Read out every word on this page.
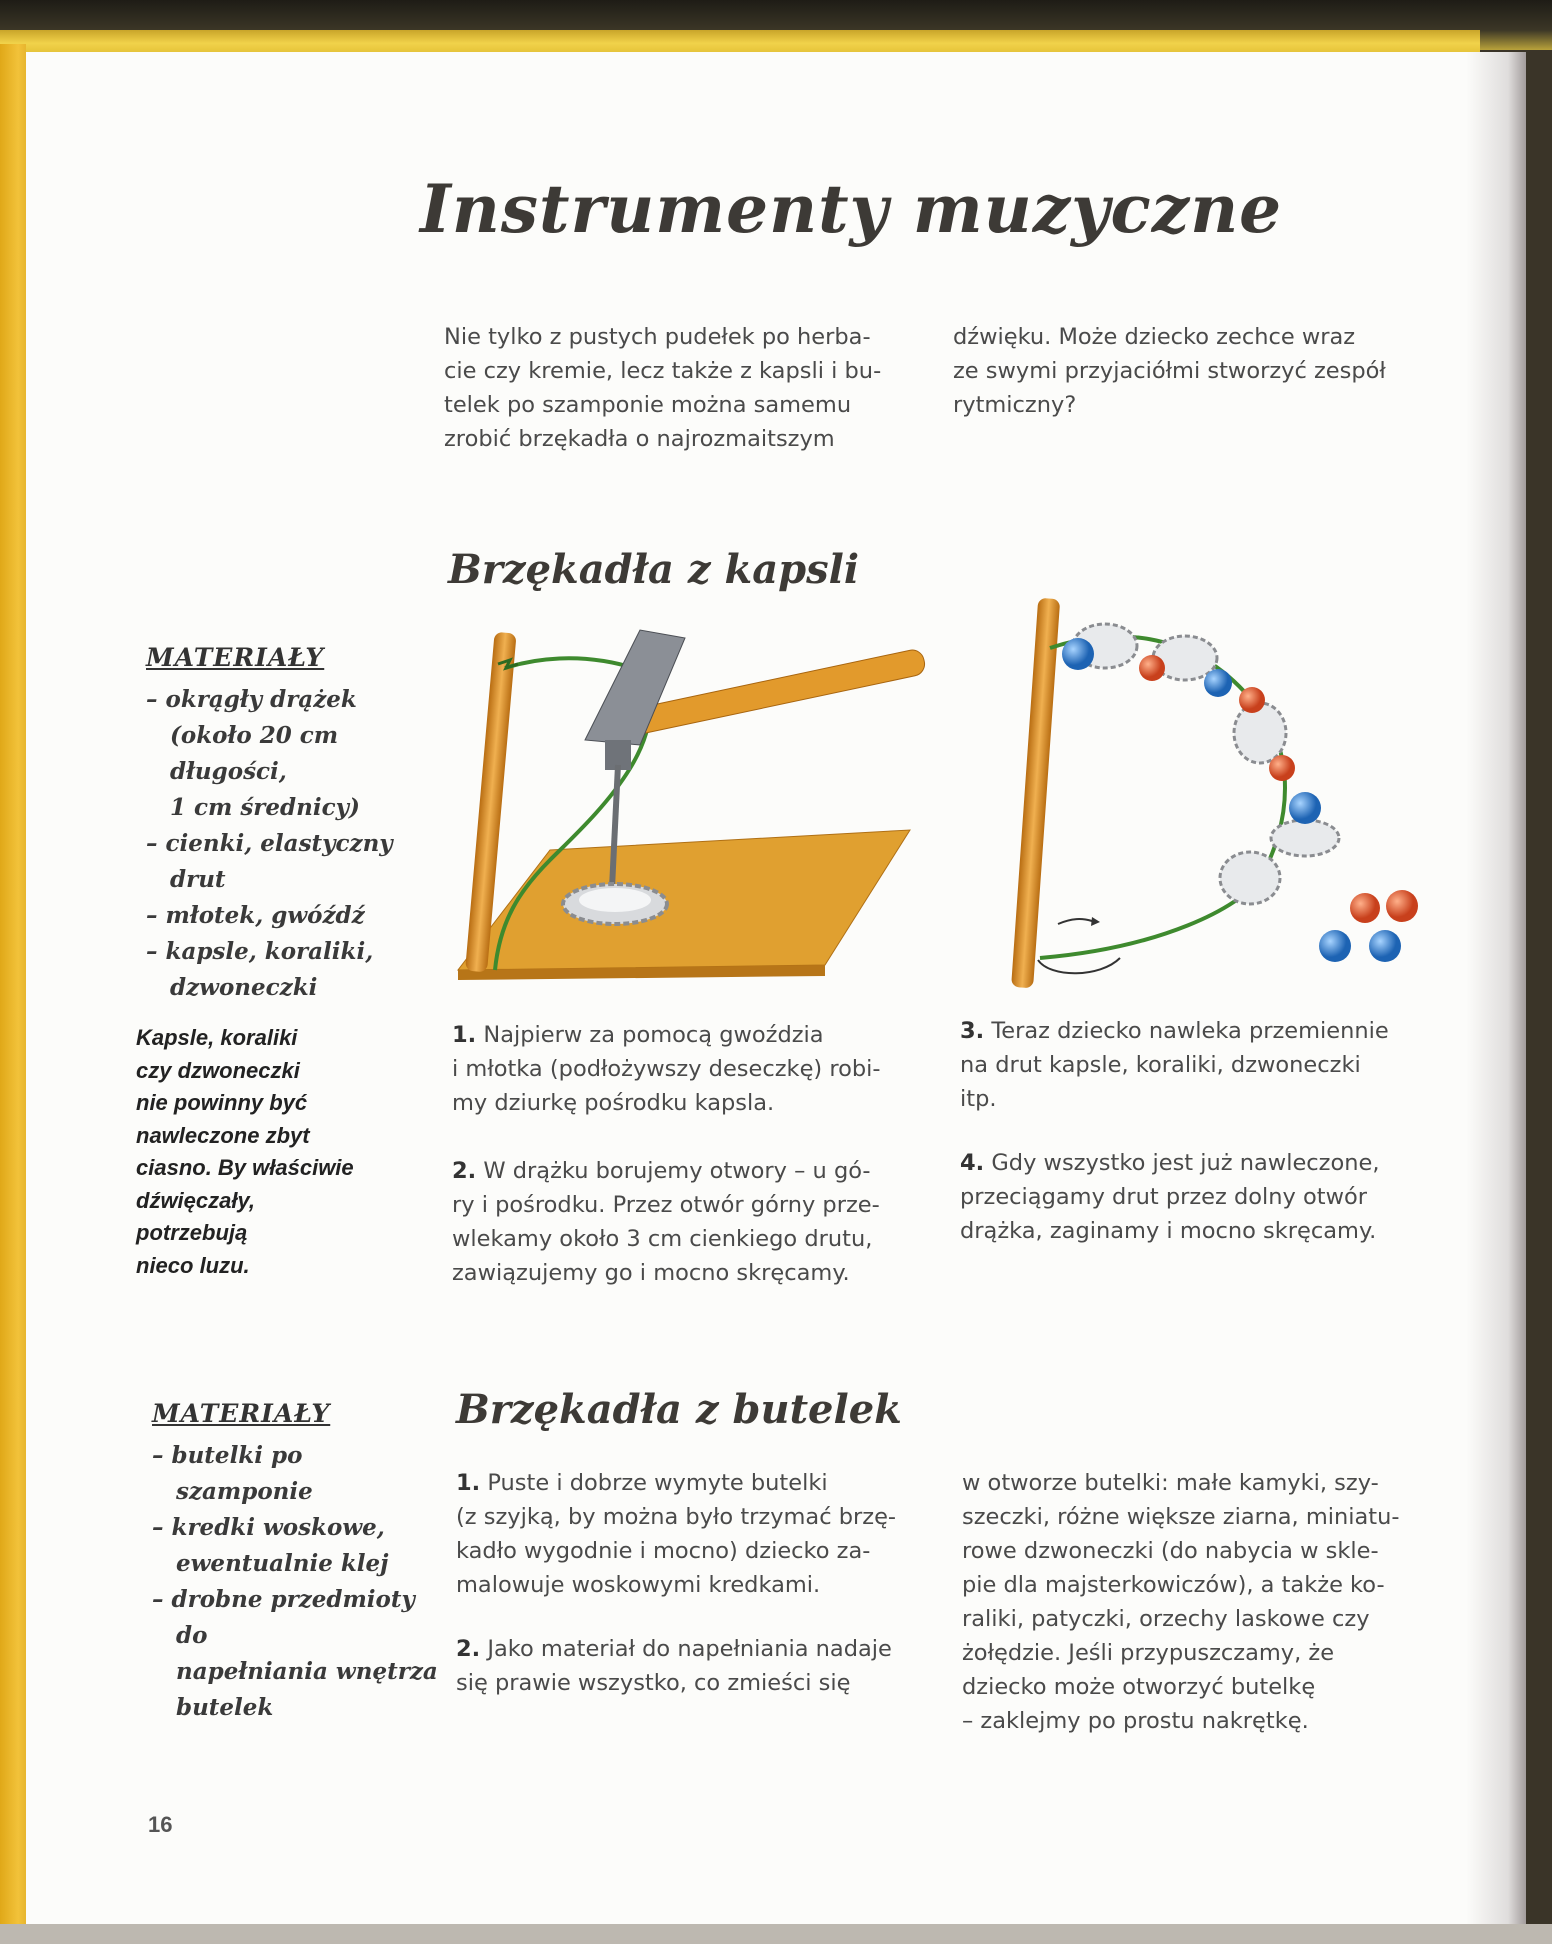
Instrumenty muzyczne

Nie tylko z pustych pudełek po herba-
cie czy kremie, lecz także z kapsli i bu-
telek po szamponie można samemu
zrobić brzękadła o najrozmaitszym

dźwięku. Może dziecko zechce wraz
ze swymi przyjaciółmi stworzyć zespół
rytmiczny?

Brzękadła z kapsli
MATERIAŁY
– okrągły drążek
(około 20 cm długości,
1 cm średnicy)
– cienki, elastyczny drut
– młotek, gwóźdź
– kapsle, koraliki,
dzwoneczki
Kapsle, koraliki
czy dzwoneczki
nie powinny być
nawleczone zbyt
ciasno. By właściwie
dźwięczały, potrzebują
nieco luzu.

1. Najpierw za pomocą gwoździa
i młotka (podłożywszy deseczkę) robi-
my dziurkę pośrodku kapsla.

2. W drążku borujemy otwory – u gó-
ry i pośrodku. Przez otwór górny prze-
wlekamy około 3 cm cienkiego drutu,
zawiązujemy go i mocno skręcamy.

3. Teraz dziecko nawleka przemiennie
na drut kapsle, koraliki, dzwoneczki
itp.

4. Gdy wszystko jest już nawleczone,
przeciągamy drut przez dolny otwór
drążka, zaginamy i mocno skręcamy.

Brzękadła z butelek
MATERIAŁY
– butelki po szamponie
– kredki woskowe,
ewentualnie klej
– drobne przedmioty do
napełniania wnętrza
butelek

1. Puste i dobrze wymyte butelki
(z szyjką, by można było trzymać brzę-
kadło wygodnie i mocno) dziecko za-
malowuje woskowymi kredkami.

2. Jako materiał do napełniania nadaje
się prawie wszystko, co zmieści się

w otworze butelki: małe kamyki, szy-
szeczki, różne większe ziarna, miniatu-
rowe dzwoneczki (do nabycia w skle-
pie dla majsterkowiczów), a także ko-
raliki, patyczki, orzechy laskowe czy
żołędzie. Jeśli przypuszczamy, że
dziecko może otworzyć butelkę
– zaklejmy po prostu nakrętkę.

16
